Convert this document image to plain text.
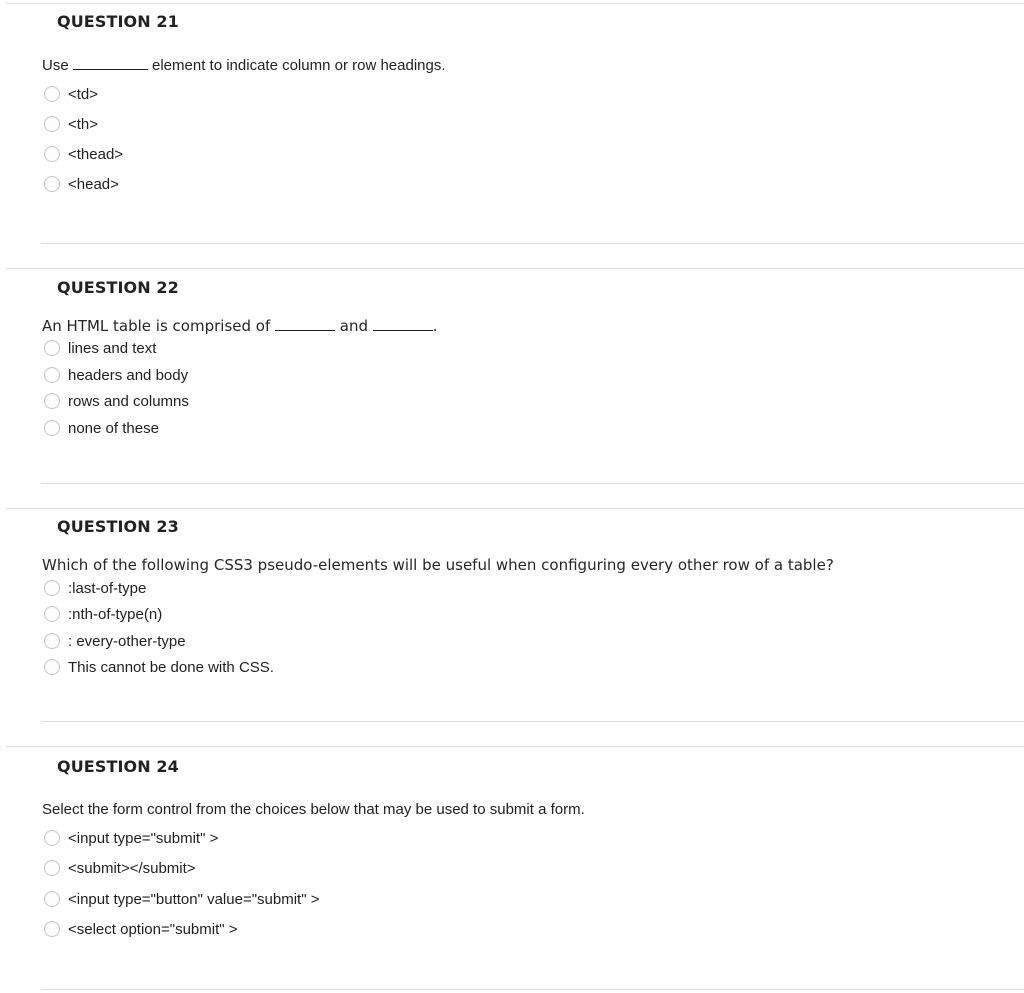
QUESTION 21
Use	element to indicate column or row headings.
<td>
<th>
<thead>
<head>
QUESTION 22
An HTML table is comprised of	and	.
lines and text
headers and body
rows and columns
none of these
QUESTION 23
Which of the following CSS3 pseudo-elements will be useful when configuring every other row of a table?
:last-of-type
:nth-of-type(n)
: every-other-type
This cannot be done with CSS.
QUESTION 24
Select the form control from the choices below that may be used to submit a form.
<input type="submit" >
<submit></submit>
<input type="button" value="submit" >
<select option="submit" >
